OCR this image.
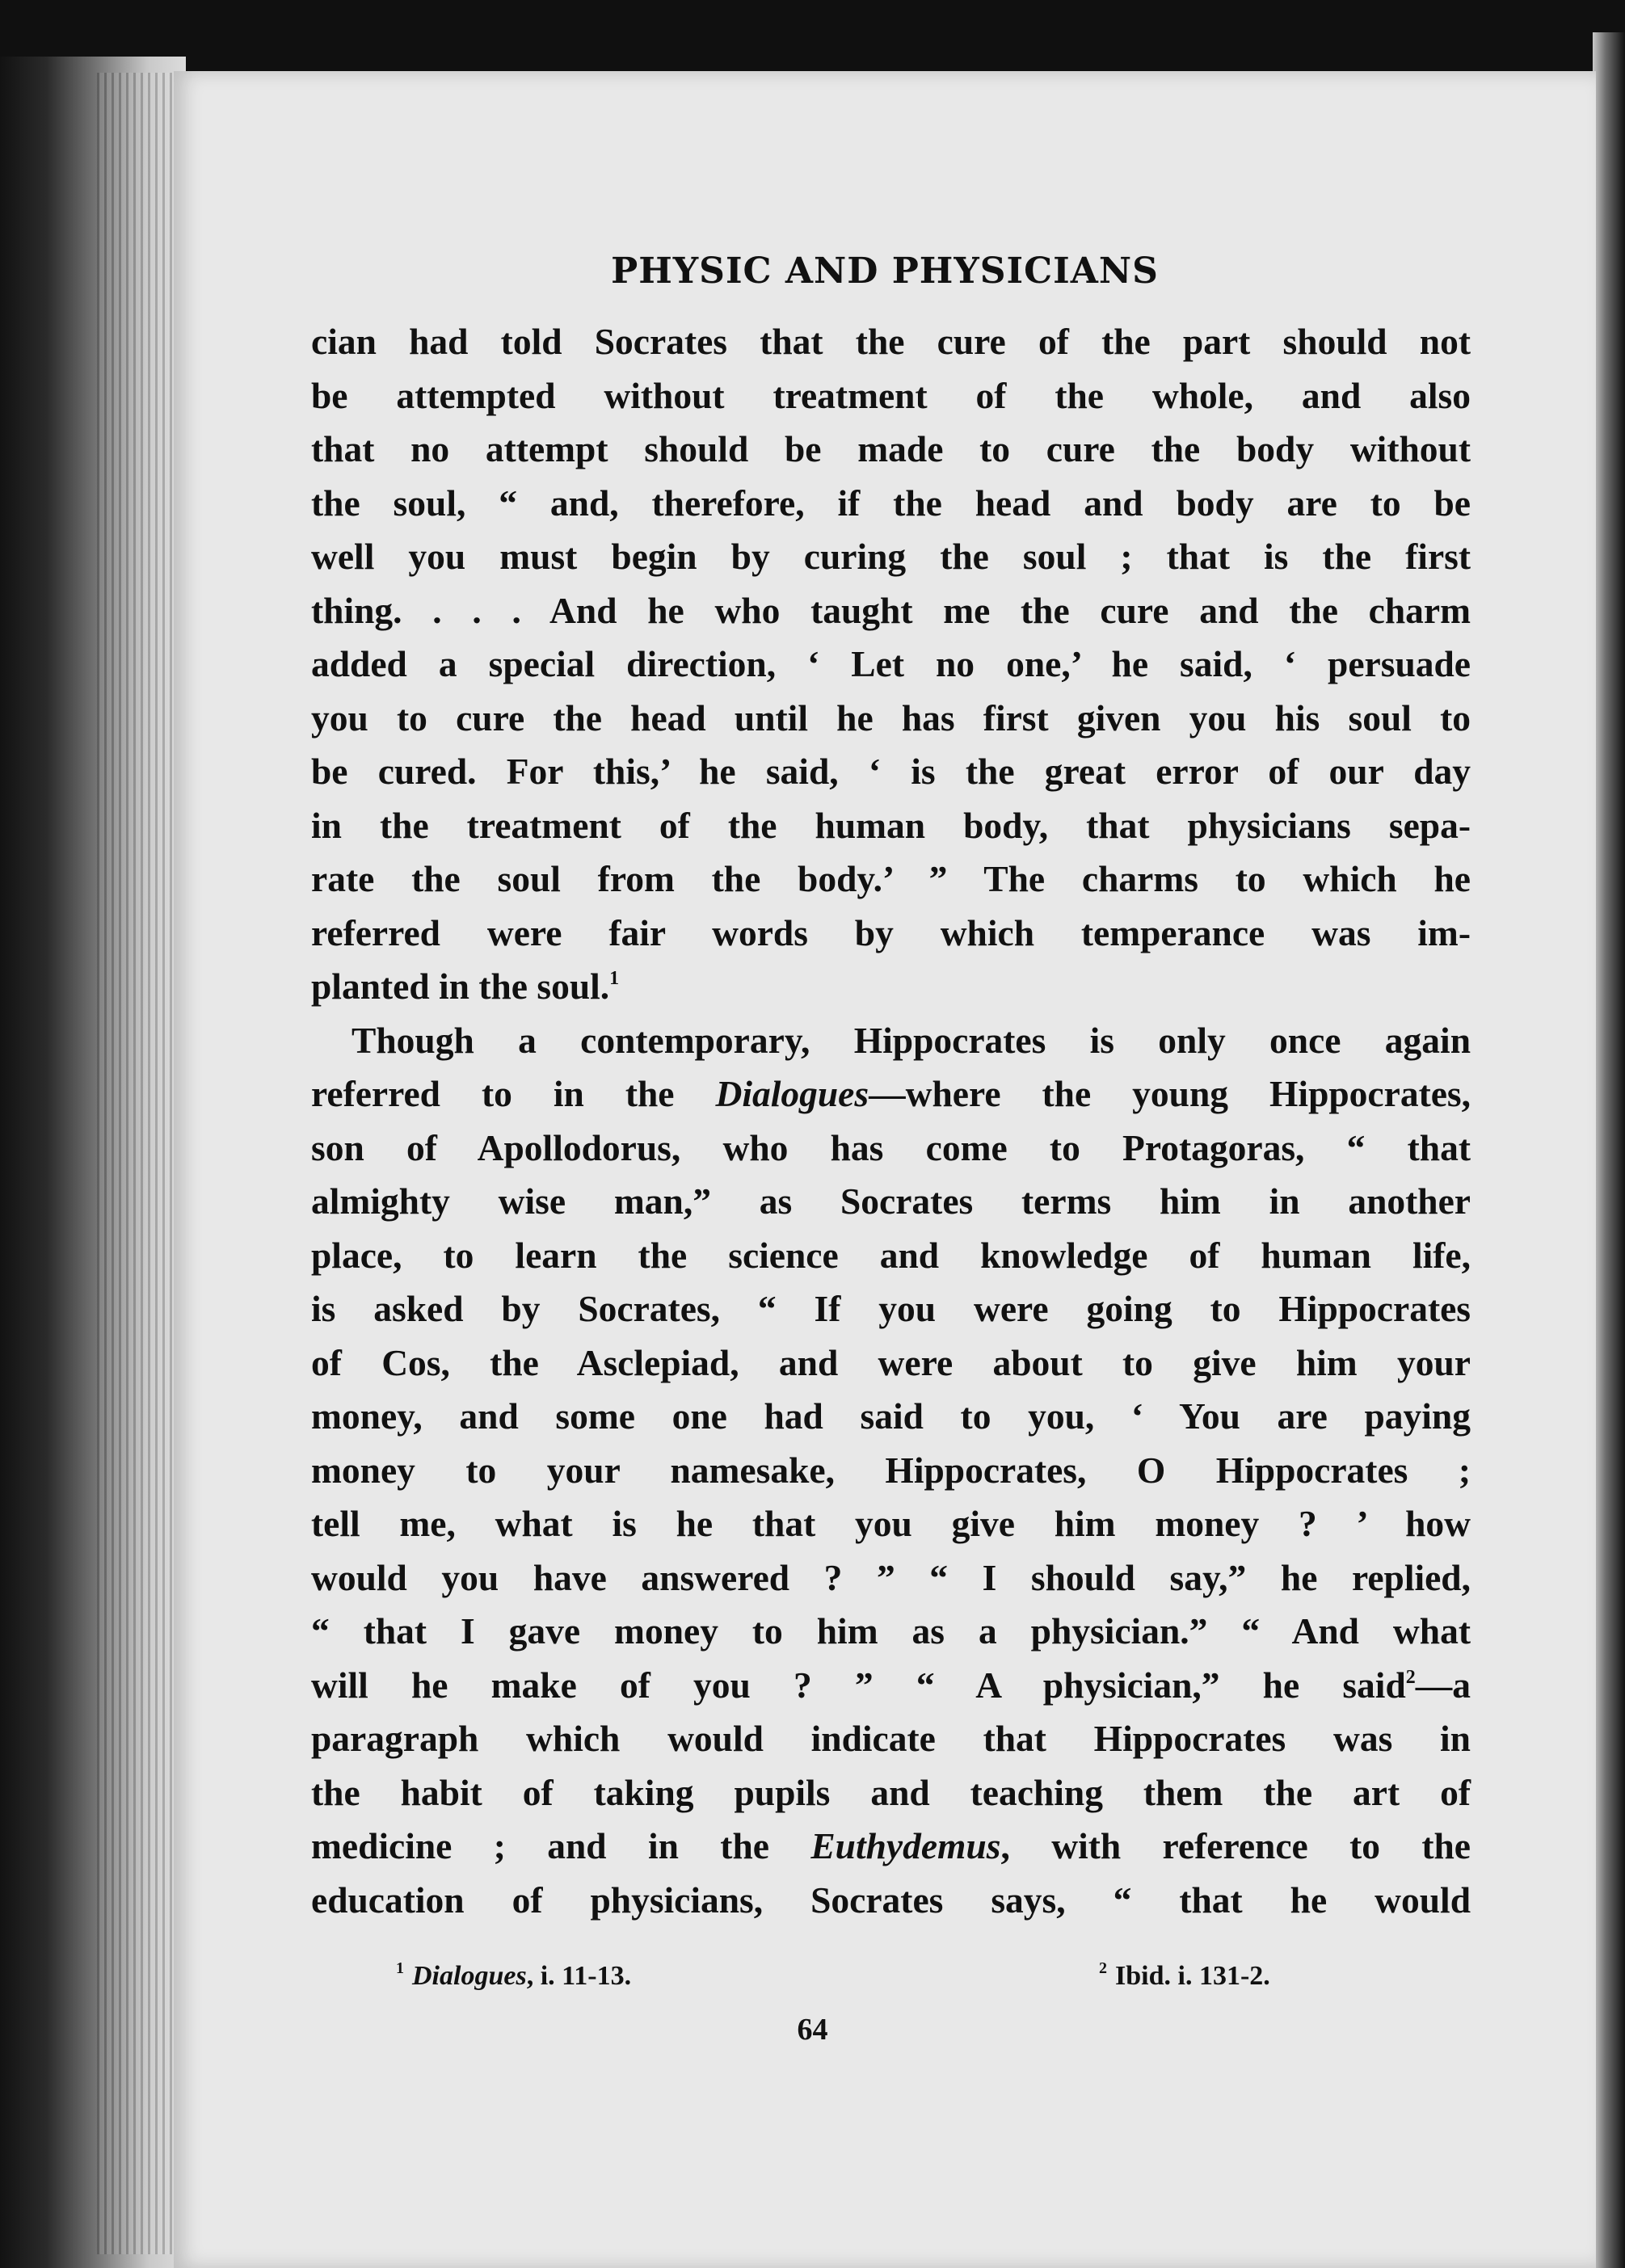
PHYSIC AND PHYSICIANS
cian had told Socrates that the cure of the part should not
be attempted without treatment of the whole, and also
that no attempt should be made to cure the body without
the soul, “ and, therefore, if the head and body are to be
well you must begin by curing the soul ; that is the first
thing. . . . And he who taught me the cure and the charm
added a special direction, ‘ Let no one,’ he said, ‘ persuade
you to cure the head until he has first given you his soul to
be cured. For this,’ he said, ‘ is the great error of our day
in the treatment of the human body, that physicians sepa-
rate the soul from the body.’ ” The charms to which he
referred were fair words by which temperance was im-
planted in the soul.$^1$
Though a contemporary, Hippocrates is only once again
referred to in the Dialogues—where the young Hippocrates,
son of Apollodorus, who has come to Protagoras, “ that
almighty wise man,” as Socrates terms him in another
place, to learn the science and knowledge of human life,
is asked by Socrates, “ If you were going to Hippocrates
of Cos, the Asclepiad, and were about to give him your
money, and some one had said to you, ‘ You are paying
money to your namesake, Hippocrates, O Hippocrates ;
tell me, what is he that you give him money ? ’ how
would you have answered ? ” “ I should say,” he replied,
“ that I gave money to him as a physician.” “ And what
will he make of you ? ” “ A physician,” he said$^2$—a
paragraph which would indicate that Hippocrates was in
the habit of taking pupils and teaching them the art of
medicine ; and in the Euthydemus, with reference to the
education of physicians, Socrates says, “ that he would
$^1$ Dialogues, i. 11-13.	$^2$ Ibid. i. 131-2.
64
